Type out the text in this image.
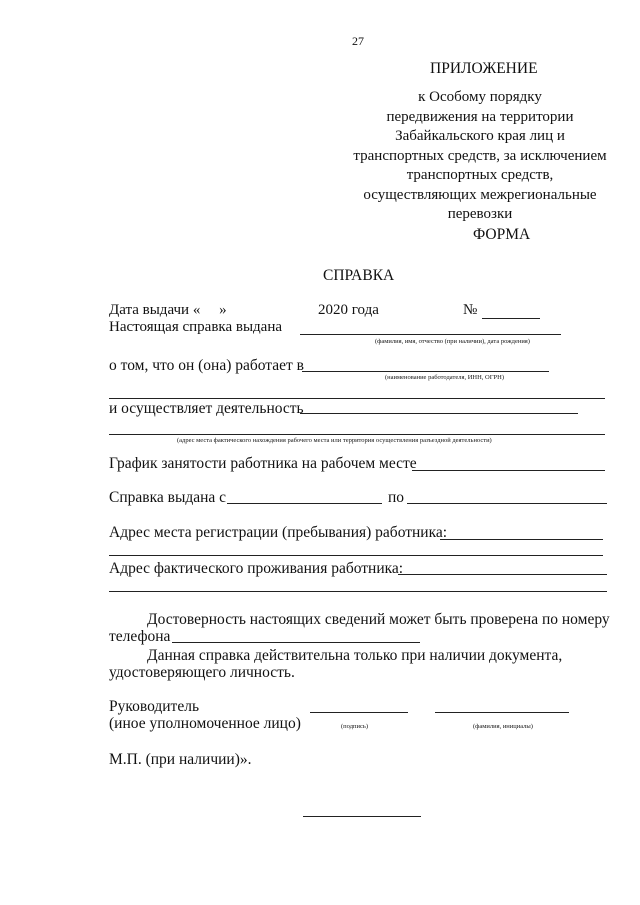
27
ПРИЛОЖЕНИЕ
к Особому порядку
передвижения на территории
Забайкальского края лиц и
транспортных средств, за исключением
транспортных средств,
осуществляющих межрегиональные
перевозки
ФОРМА
СПРАВКА
Дата выдачи «     »	2020 года	№
Настоящая справка выдана
(фамилия, имя, отчество (при наличии), дата рождения)
о том, что он (она) работает в
(наименование работодателя, ИНН, ОГРН)
и осуществляет деятельность
(адрес места фактического нахождения рабочего места или территория осуществления разъездной деятельности)
График занятости работника на рабочем месте
Справка выдана с	по
Адрес места регистрации (пребывания) работника:
Адрес фактического проживания работника:
Достоверность настоящих сведений может быть проверена по номеру
телефона
Данная справка действительна только при наличии документа,
удостоверяющего личность.
Руководитель
(иное уполномоченное лицо)	(подпись)	(фамилия, инициалы)
М.П. (при наличии)».
